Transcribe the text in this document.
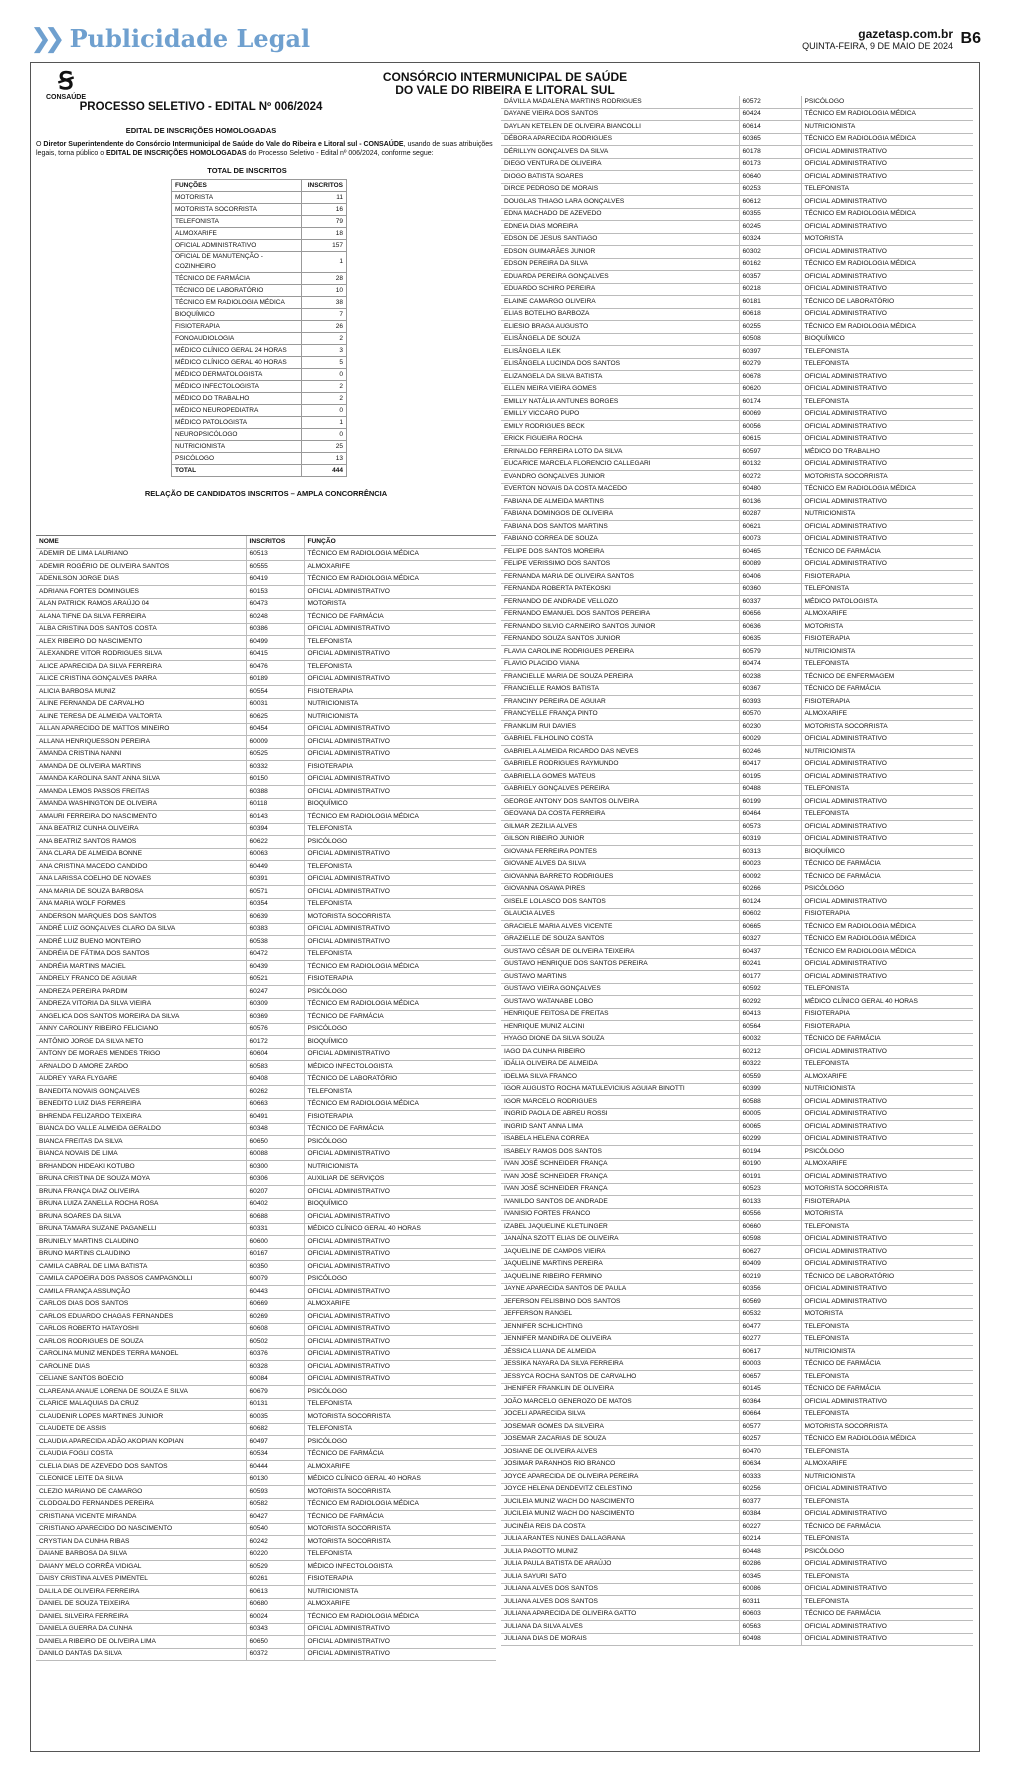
❯❯ Publicidade Legal	gazetasp.com.br
QUINTA-FEIRA, 9 DE MAIO DE 2024 B6
Ꞩ
CONSAÚDE
CONSÓRCIO INTERMUNICIPAL DE SAÚDE
DO VALE DO RIBEIRA E LITORAL SUL
PROCESSO SELETIVO - EDITAL Nº 006/2024
EDITAL DE INSCRIÇÕES HOMOLOGADAS
O Diretor Superintendente do Consórcio Intermunicipal de Saúde do Vale do Ribeira e Litoral sul - CONSAÚDE, usando de suas atribuições legais, torna público o EDITAL DE INSCRIÇÕES HOMOLOGADAS do Processo Seletivo - Edital nº 006/2024, conforme segue:
TOTAL DE INSCRITOS
FUNÇÕES	INSCRITOS
MOTORISTA	11
MOTORISTA SOCORRISTA	16
TELEFONISTA	79
ALMOXARIFE	18
OFICIAL ADMINISTRATIVO	157
OFICIAL DE MANUTENÇÃO - COZINHEIRO	1
TÉCNICO DE FARMÁCIA	28
TÉCNICO DE LABORATÓRIO	10
TÉCNICO EM RADIOLOGIA MÉDICA	38
BIOQUÍMICO	7
FISIOTERAPIA	26
FONOAUDIOLOGIA	2
MÉDICO CLÍNICO GERAL 24 HORAS	3
MÉDICO CLÍNICO GERAL 40 HORAS	5
MÉDICO DERMATOLOGISTA	0
MÉDICO INFECTOLOGISTA	2
MÉDICO DO TRABALHO	2
MÉDICO NEUROPEDIATRA	0
MÉDICO PATOLOGISTA	1
NEUROPSICÓLOGO	0
NUTRICIONISTA	25
PSICÓLOGO	13
TOTAL	444
RELAÇÃO DE CANDIDATOS INSCRITOS – AMPLA CONCORRÊNCIA
NOME	INSCRITOS	FUNÇÃO
ADEMIR DE LIMA LAURIANO	60513	TÉCNICO EM RADIOLOGIA MÉDICA
ADEMIR ROGÉRIO DE OLIVEIRA SANTOS	60555	ALMOXARIFE
ADENILSON JORGE DIAS	60419	TÉCNICO EM RADIOLOGIA MÉDICA
ADRIANA FORTES DOMINGUES	60153	OFICIAL ADMINISTRATIVO
ALAN PATRICK RAMOS ARAÚJO 04	60473	MOTORISTA
ALANA TIFNE DA SILVA FERREIRA	60248	TÉCNICO DE FARMÁCIA
ALBA CRISTINA DOS SANTOS COSTA	60386	OFICIAL ADMINISTRATIVO
ALEX RIBEIRO DO NASCIMENTO	60499	TELEFONISTA
ALEXANDRE VITOR RODRIGUES SILVA	60415	OFICIAL ADMINISTRATIVO
ALICE APARECIDA DA SILVA FERREIRA	60476	TELEFONISTA
ALICE CRISTINA GONÇALVES PARRA	60189	OFICIAL ADMINISTRATIVO
ALICIA BARBOSA MUNIZ	60554	FISIOTERAPIA
ALINE FERNANDA DE CARVALHO	60031	NUTRICIONISTA
ALINE TERESA DE ALMEIDA VALTORTA	60625	NUTRICIONISTA
ALLAN APARECIDO DE MATTOS MINEIRO	60454	OFICIAL ADMINISTRATIVO
ALLANA HENRIQUESSON PEREIRA	60009	OFICIAL ADMINISTRATIVO
AMANDA CRISTINA NANNI	60525	OFICIAL ADMINISTRATIVO
AMANDA DE OLIVEIRA MARTINS	60332	FISIOTERAPIA
AMANDA KAROLINA SANT ANNA SILVA	60150	OFICIAL ADMINISTRATIVO
AMANDA LEMOS PASSOS FREITAS	60388	OFICIAL ADMINISTRATIVO
AMANDA WASHINGTON DE OLIVEIRA	60118	BIOQUÍMICO
AMAURI FERREIRA DO NASCIMENTO	60143	TÉCNICO EM RADIOLOGIA MÉDICA
ANA BEATRIZ CUNHA OLIVEIRA	60394	TELEFONISTA
ANA BEATRIZ SANTOS RAMOS	60622	PSICÓLOGO
ANA CLARA DE ALMEIDA BONNE	60063	OFICIAL ADMINISTRATIVO
ANA CRISTINA MACEDO CANDIDO	60449	TELEFONISTA
ANA LARISSA COELHO DE NOVAES	60391	OFICIAL ADMINISTRATIVO
ANA MARIA DE SOUZA BARBOSA	60571	OFICIAL ADMINISTRATIVO
ANA MARIA WOLF FORMES	60354	TELEFONISTA
ANDERSON MARQUES DOS SANTOS	60639	MOTORISTA SOCORRISTA
ANDRÉ LUIZ GONÇALVES CLARO DA SILVA	60383	OFICIAL ADMINISTRATIVO
ANDRÉ LUIZ BUENO MONTEIRO	60538	OFICIAL ADMINISTRATIVO
ANDRÉIA DE FÁTIMA DOS SANTOS	60472	TELEFONISTA
ANDRÉIA MARTINS MACIEL	60439	TÉCNICO EM RADIOLOGIA MÉDICA
ANDRELY FRANCO DE AGUIAR	60521	FISIOTERAPIA
ANDREZA PEREIRA PARDIM	60247	PSICÓLOGO
ANDREZA VITORIA DA SILVA VIEIRA	60309	TÉCNICO EM RADIOLOGIA MÉDICA
ANGELICA DOS SANTOS MOREIRA DA SILVA	60369	TÉCNICO DE FARMÁCIA
ANNY CAROLINY RIBEIRO FELICIANO	60576	PSICÓLOGO
ANTÔNIO JORGE DA SILVA NETO	60172	BIOQUÍMICO
ANTONY DE MORAES MENDES TRIGO	60604	OFICIAL ADMINISTRATIVO
ARNALDO D AMORE ZARDO	60583	MÉDICO INFECTOLOGISTA
AUDREY YARA FLYGARE	60408	TÉCNICO DE LABORATÓRIO
BANEDITA NOVAIS GONÇALVES	60262	TELEFONISTA
BENEDITO LUIZ DIAS FERREIRA	60663	TÉCNICO EM RADIOLOGIA MÉDICA
BHRENDA FELIZARDO TEIXEIRA	60491	FISIOTERAPIA
BIANCA DO VALLE ALMEIDA GERALDO	60348	TÉCNICO DE FARMÁCIA
BIANCA FREITAS DA SILVA	60650	PSICÓLOGO
BIANCA NOVAIS DE LIMA	60088	OFICIAL ADMINISTRATIVO
BRHANDON HIDEAKI KOTUBO	60300	NUTRICIONISTA
BRUNA CRISTINA DE SOUZA MOYA	60306	AUXILIAR DE SERVIÇOS
BRUNA FRANÇA DIAZ OLIVEIRA	60207	OFICIAL ADMINISTRATIVO
BRUNA LUIZA ZANELLA ROCHA ROSA	60402	BIOQUÍMICO
BRUNA SOARES DA SILVA	60688	OFICIAL ADMINISTRATIVO
BRUNA TAMARA SUZANE PAGANELLI	60331	MÉDICO CLÍNICO GERAL 40 HORAS
BRUNIELY MARTINS CLAUDINO	60600	OFICIAL ADMINISTRATIVO
BRUNO MARTINS CLAUDINO	60167	OFICIAL ADMINISTRATIVO
CAMILA CABRAL DE LIMA BATISTA	60350	OFICIAL ADMINISTRATIVO
CAMILA CAPOEIRA DOS PASSOS CAMPAGNOLLI	60079	PSICÓLOGO
CAMILA FRANÇA ASSUNÇÃO	60443	OFICIAL ADMINISTRATIVO
CARLOS DIAS DOS SANTOS	60669	ALMOXARIFE
CARLOS EDUARDO CHAGAS FERNANDES	60269	OFICIAL ADMINISTRATIVO
CARLOS ROBERTO HATAYOSHI	60608	OFICIAL ADMINISTRATIVO
CARLOS RODRIGUES DE SOUZA	60502	OFICIAL ADMINISTRATIVO
CAROLINA MUNIZ MENDES TERRA MANOEL	60376	OFICIAL ADMINISTRATIVO
CAROLINE DIAS	60328	OFICIAL ADMINISTRATIVO
CELIANE SANTOS BOECIO	60084	OFICIAL ADMINISTRATIVO
CLAREANA ANAUE LORENA DE SOUZA E SILVA	60679	PSICÓLOGO
CLARICE MALAQUIAS DA CRUZ	60131	TELEFONISTA
CLAUDENIR LOPES MARTINES JUNIOR	60035	MOTORISTA SOCORRISTA
CLAUDETE DE ASSIS	60682	TELEFONISTA
CLAUDIA APARECIDA ADÃO AKOPIAN KOPIAN	60497	PSICÓLOGO
CLAUDIA FOGLI COSTA	60534	TÉCNICO DE FARMÁCIA
CLELIA DIAS DE AZEVEDO DOS SANTOS	60444	ALMOXARIFE
CLEONICE LEITE DA SILVA	60130	MÉDICO CLÍNICO GERAL 40 HORAS
CLEZIO MARIANO DE CAMARGO	60593	MOTORISTA SOCORRISTA
CLODOALDO FERNANDES PEREIRA	60582	TÉCNICO EM RADIOLOGIA MÉDICA
CRISTIANA VICENTE MIRANDA	60427	TÉCNICO DE FARMÁCIA
CRISTIANO APARECIDO DO NASCIMENTO	60540	MOTORISTA SOCORRISTA
CRYSTIAN DA CUNHA RIBAS	60242	MOTORISTA SOCORRISTA
DAIANE BARBOSA DA SILVA	60220	TELEFONISTA
DAIANY MELO CORRÊA VIDIGAL	60529	MÉDICO INFECTOLOGISTA
DAISY CRISTINA ALVES PIMENTEL	60261	FISIOTERAPIA
DALILA DE OLIVEIRA FERREIRA	60613	NUTRICIONISTA
DANIEL DE SOUZA TEIXEIRA	60680	ALMOXARIFE
DANIEL SILVEIRA FERREIRA	60024	TÉCNICO EM RADIOLOGIA MÉDICA
DANIELA GUERRA DA CUNHA	60343	OFICIAL ADMINISTRATIVO
DANIELA RIBEIRO DE OLIVEIRA LIMA	60650	OFICIAL ADMINISTRATIVO
DANILO DANTAS DA SILVA	60372	OFICIAL ADMINISTRATIVO
DÁVILLA MADALENA MARTINS RODRIGUES	60572	PSICÓLOGO
DAYANE VIEIRA DOS SANTOS	60424	TÉCNICO EM RADIOLOGIA MÉDICA
DAYLAN KETELEN DE OLIVEIRA BIANCOLLI	60614	NUTRICIONISTA
DÉBORA APARECIDA RODRIGUES	60365	TÉCNICO EM RADIOLOGIA MÉDICA
DÉRILLYN GONÇALVES DA SILVA	60178	OFICIAL ADMINISTRATIVO
DIEGO VENTURA DE OLIVEIRA	60173	OFICIAL ADMINISTRATIVO
DIOGO BATISTA SOARES	60640	OFICIAL ADMINISTRATIVO
DIRCE PEDROSO DE MORAIS	60253	TELEFONISTA
DOUGLAS THIAGO LARA GONÇALVES	60612	OFICIAL ADMINISTRATIVO
EDNA MACHADO DE AZEVEDO	60355	TÉCNICO EM RADIOLOGIA MÉDICA
EDNEIA DIAS MOREIRA	60245	OFICIAL ADMINISTRATIVO
EDSON DE JESUS SANTIAGO	60324	MOTORISTA
EDSON GUIMARÃES JUNIOR	60302	OFICIAL ADMINISTRATIVO
EDSON PEREIRA DA SILVA	60162	TÉCNICO EM RADIOLOGIA MÉDICA
EDUARDA PEREIRA GONÇALVES	60357	OFICIAL ADMINISTRATIVO
EDUARDO SCHIRO PEREIRA	60218	OFICIAL ADMINISTRATIVO
ELAINE CAMARGO OLIVEIRA	60181	TÉCNICO DE LABORATÓRIO
ELIAS BOTELHO BARBOZA	60618	OFICIAL ADMINISTRATIVO
ELIESIO BRAGA AUGUSTO	60255	TÉCNICO EM RADIOLOGIA MÉDICA
ELISÂNGELA DE SOUZA	60508	BIOQUÍMICO
ELISÂNGELA ILEK	60397	TELEFONISTA
ELISÂNGELA LUCINDA DOS SANTOS	60279	TELEFONISTA
ELIZANGELA DA SILVA BATISTA	60678	OFICIAL ADMINISTRATIVO
ELLEN MEIRA VIEIRA GOMES	60620	OFICIAL ADMINISTRATIVO
EMILLY NATÁLIA ANTUNES BORGES	60174	TELEFONISTA
EMILLY VICCARO PUPO	60069	OFICIAL ADMINISTRATIVO
EMILY RODRIGUES BECK	60056	OFICIAL ADMINISTRATIVO
ERICK FIGUEIRA ROCHA	60615	OFICIAL ADMINISTRATIVO
ERINALDO FERREIRA LOTO DA SILVA	60597	MÉDICO DO TRABALHO
EUCARICE MARCELA FLORENCIO CALLEGARI	60132	OFICIAL ADMINISTRATIVO
EVANDRO GONÇALVES JUNIOR	60272	MOTORISTA SOCORRISTA
EVERTON NOVAIS DA COSTA MACEDO	60480	TÉCNICO EM RADIOLOGIA MÉDICA
FABIANA DE ALMEIDA MARTINS	60136	OFICIAL ADMINISTRATIVO
FABIANA DOMINGOS DE OLIVEIRA	60287	NUTRICIONISTA
FABIANA DOS SANTOS MARTINS	60621	OFICIAL ADMINISTRATIVO
FABIANO CORREA DE SOUZA	60073	OFICIAL ADMINISTRATIVO
FELIPE DOS SANTOS MOREIRA	60465	TÉCNICO DE FARMÁCIA
FELIPE VERISSIMO DOS SANTOS	60089	OFICIAL ADMINISTRATIVO
FERNANDA MARIA DE OLIVEIRA SANTOS	60406	FISIOTERAPIA
FERNANDA ROBERTA PATEKOSKI	60360	TELEFONISTA
FERNANDO DE ANDRADE VELLOZO	60337	MÉDICO PATOLOGISTA
FERNANDO EMANUEL DOS SANTOS PEREIRA	60656	ALMOXARIFE
FERNANDO SILVIO CARNEIRO SANTOS JUNIOR	60636	MOTORISTA
FERNANDO SOUZA SANTOS JUNIOR	60635	FISIOTERAPIA
FLAVIA CAROLINE RODRIGUES PEREIRA	60579	NUTRICIONISTA
FLAVIO PLACIDO VIANA	60474	TELEFONISTA
FRANCIELLE MARIA DE SOUZA PEREIRA	60238	TÉCNICO DE ENFERMAGEM
FRANCIELLE RAMOS BATISTA	60367	TÉCNICO DE FARMÁCIA
FRANCINY PEREIRA DE AGUIAR	60393	FISIOTERAPIA
FRANCYELLE FRANÇA PINTO	60570	ALMOXARIFE
FRANKLIM RUI DAVIES	60230	MOTORISTA SOCORRISTA
GABRIEL FILHOLINO COSTA	60029	OFICIAL ADMINISTRATIVO
GABRIELA ALMEIDA RICARDO DAS NEVES	60246	NUTRICIONISTA
GABRIELE RODRIGUES RAYMUNDO	60417	OFICIAL ADMINISTRATIVO
GABRIELLA GOMES MATEUS	60195	OFICIAL ADMINISTRATIVO
GABRIELY GONÇALVES PEREIRA	60488	TELEFONISTA
GEORGE ANTONY DOS SANTOS OLIVEIRA	60199	OFICIAL ADMINISTRATIVO
GEOVANA DA COSTA FERREIRA	60464	TELEFONISTA
GILMAR ZEZILIA ALVES	60573	OFICIAL ADMINISTRATIVO
GILSON RIBEIRO JUNIOR	60319	OFICIAL ADMINISTRATIVO
GIOVANA FERREIRA PONTES	60313	BIOQUÍMICO
GIOVANE ALVES DA SILVA	60023	TÉCNICO DE FARMÁCIA
GIOVANNA BARRETO RODRIGUES	60092	TÉCNICO DE FARMÁCIA
GIOVANNA OSAWA PIRES	60266	PSICÓLOGO
GISELE LOLASCO DOS SANTOS	60124	OFICIAL ADMINISTRATIVO
GLAUCIA ALVES	60602	FISIOTERAPIA
GRACIELE MARIA ALVES VICENTE	60665	TÉCNICO EM RADIOLOGIA MÉDICA
GRAZIELLE DE SOUZA SANTOS	60327	TÉCNICO EM RADIOLOGIA MÉDICA
GUSTAVO CÉSAR DE OLIVEIRA TEIXEIRA	60437	TÉCNICO EM RADIOLOGIA MÉDICA
GUSTAVO HENRIQUE DOS SANTOS PEREIRA	60241	OFICIAL ADMINISTRATIVO
GUSTAVO MARTINS	60177	OFICIAL ADMINISTRATIVO
GUSTAVO VIEIRA GONÇALVES	60592	TELEFONISTA
GUSTAVO WATANABE LOBO	60292	MÉDICO CLÍNICO GERAL 40 HORAS
HENRIQUE FEITOSA DE FREITAS	60413	FISIOTERAPIA
HENRIQUE MUNIZ ALCINI	60564	FISIOTERAPIA
HYAGO DIONE DA SILVA SOUZA	60032	TÉCNICO DE FARMÁCIA
IAGO DA CUNHA RIBEIRO	60212	OFICIAL ADMINISTRATIVO
IDÁLIA OLIVEIRA DE ALMEIDA	60322	TELEFONISTA
IDELMA SILVA FRANCO	60559	ALMOXARIFE
IGOR AUGUSTO ROCHA MATULEVICIUS AGUIAR BINOTTI	60399	NUTRICIONISTA
IGOR MARCELO RODRIGUES	60588	OFICIAL ADMINISTRATIVO
INGRID PAOLA DE ABREU ROSSI	60005	OFICIAL ADMINISTRATIVO
INGRID SANT ANNA LIMA	60065	OFICIAL ADMINISTRATIVO
ISABELA HELENA CORREA	60299	OFICIAL ADMINISTRATIVO
ISABELY RAMOS DOS SANTOS	60194	PSICÓLOGO
IVAN JOSÉ SCHNEIDER FRANÇA	60190	ALMOXARIFE
IVAN JOSÉ SCHNEIDER FRANÇA	60191	OFICIAL ADMINISTRATIVO
IVAN JOSÉ SCHNEIDER FRANÇA	60523	MOTORISTA SOCORRISTA
IVANILDO SANTOS DE ANDRADE	60133	FISIOTERAPIA
IVANISIO FORTES FRANCO	60556	MOTORISTA
IZABEL JAQUELINE KLETLINGER	60660	TELEFONISTA
JANAÍNA SZOTT ELIAS DE OLIVEIRA	60598	OFICIAL ADMINISTRATIVO
JAQUELINE DE CAMPOS VIEIRA	60627	OFICIAL ADMINISTRATIVO
JAQUELINE MARTINS PEREIRA	60409	OFICIAL ADMINISTRATIVO
JAQUELINE RIBEIRO FERMINO	60219	TÉCNICO DE LABORATÓRIO
JAYNE APARECIDA SANTOS DE PAULA	60356	OFICIAL ADMINISTRATIVO
JEFERSON FELISBINO DOS SANTOS	60569	OFICIAL ADMINISTRATIVO
JEFFERSON RANGEL	60532	MOTORISTA
JENNIFER SCHLICHTING	60477	TELEFONISTA
JENNIFER MANDIRA DE OLIVEIRA	60277	TELEFONISTA
JÉSSICA LUANA DE ALMEIDA	60617	NUTRICIONISTA
JESSIKA NAYARA DA SILVA FERREIRA	60003	TÉCNICO DE FARMÁCIA
JESSYCA ROCHA SANTOS DE CARVALHO	60657	TELEFONISTA
JHENIFER FRANKLIN DE OLIVEIRA	60145	TÉCNICO DE FARMÁCIA
JOÃO MARCELO GENEROZO DE MATOS	60364	OFICIAL ADMINISTRATIVO
JOCELI APARECIDA SILVA	60664	TELEFONISTA
JOSEMAR GOMES DA SILVEIRA	60577	MOTORISTA SOCORRISTA
JOSEMAR ZACARIAS DE SOUZA	60257	TÉCNICO EM RADIOLOGIA MÉDICA
JOSIANE DE OLIVEIRA ALVES	60470	TELEFONISTA
JOSIMAR PARANHOS RIO BRANCO	60634	ALMOXARIFE
JOYCE APARECIDA DE OLIVEIRA PEREIRA	60333	NUTRICIONISTA
JOYCE HELENA DENDEVITZ CELESTINO	60256	OFICIAL ADMINISTRATIVO
JUCILEIA MUNIZ WACH DO NASCIMENTO	60377	TELEFONISTA
JUCILEIA MUNIZ WACH DO NASCIMENTO	60384	OFICIAL ADMINISTRATIVO
JUCINÉIA REIS DA COSTA	60227	TÉCNICO DE FARMÁCIA
JULIA ARANTES NUNES DALLAGRANA	60214	TELEFONISTA
JULIA PAGOTTO MUNIZ	60448	PSICÓLOGO
JULIA PAULA BATISTA DE ARAÚJO	60286	OFICIAL ADMINISTRATIVO
JULIA SAYURI SATO	60345	TELEFONISTA
JULIANA ALVES DOS SANTOS	60086	OFICIAL ADMINISTRATIVO
JULIANA ALVES DOS SANTOS	60311	TELEFONISTA
JULIANA APARECIDA DE OLIVEIRA GATTO	60603	TÉCNICO DE FARMÁCIA
JULIANA DA SILVA ALVES	60563	OFICIAL ADMINISTRATIVO
JULIANA DIAS DE MORAIS	60498	OFICIAL ADMINISTRATIVO
